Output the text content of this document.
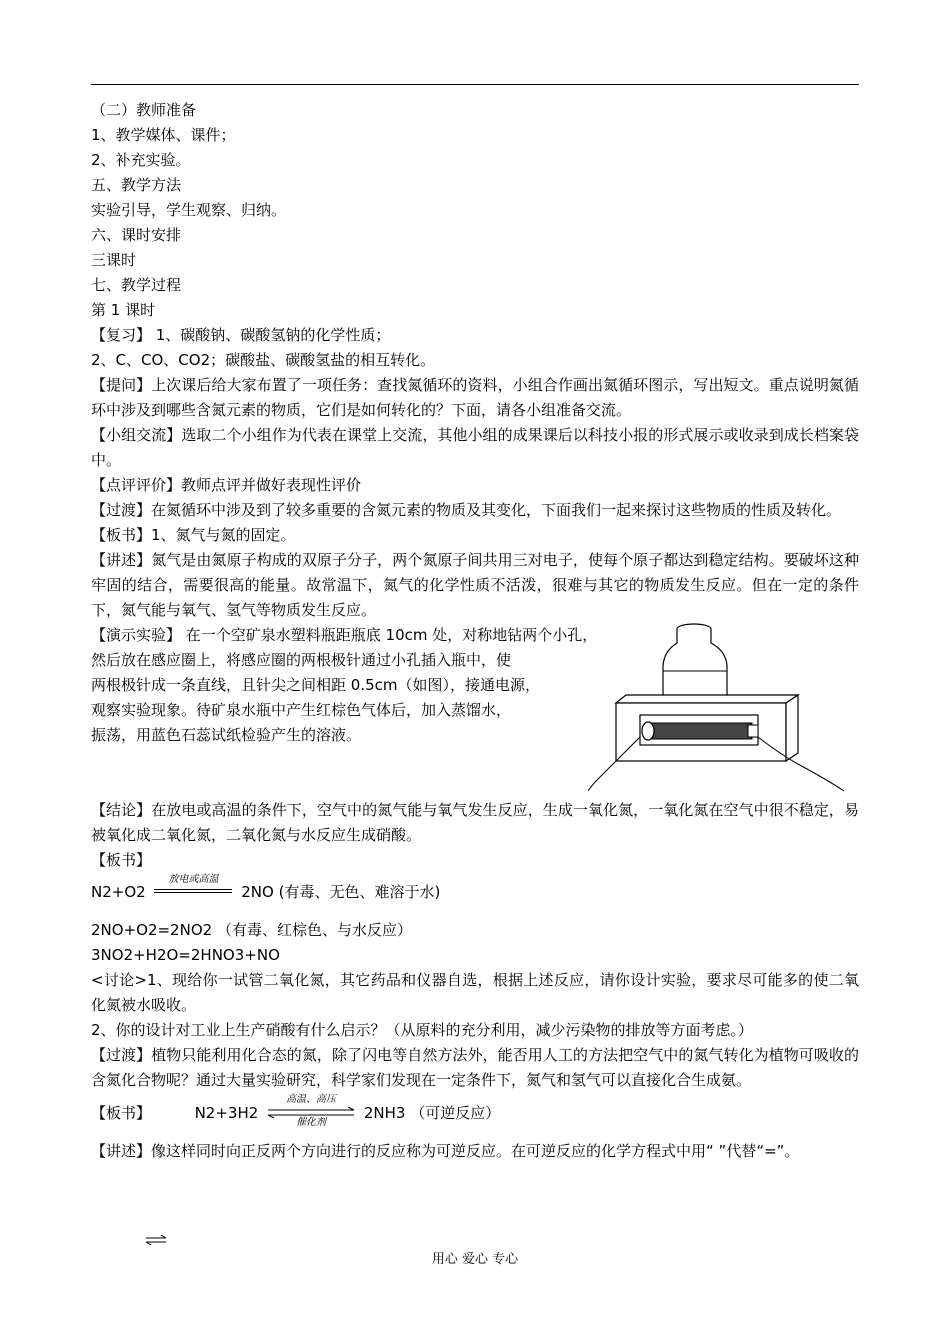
（二）教师准备
1、教学媒体、课件；
2、补充实验。
五、教学方法
实验引导，学生观察、归纳。
六、课时安排
三课时
七、教学过程
第 1 课时
【复习】 1、碳酸钠、碳酸氢钠的化学性质；
2、C、CO、CO2；碳酸盐、碳酸氢盐的相互转化。
【提问】上次课后给大家布置了一项任务：查找氮循环的资料，小组合作画出氮循环图示，写出短文。重点说明氮循环中涉及到哪些含氮元素的物质，它们是如何转化的？下面，请各小组准备交流。
【小组交流】选取二个小组作为代表在课堂上交流，其他小组的成果课后以科技小报的形式展示或收录到成长档案袋中。
【点评评价】教师点评并做好表现性评价
【过渡】在氮循环中涉及到了较多重要的含氮元素的物质及其变化，下面我们一起来探讨这些物质的性质及转化。
【板书】1、氮气与氮的固定。
【讲述】氮气是由氮原子构成的双原子分子，两个氮原子间共用三对电子，使每个原子都达到稳定结构。要破坏这种牢固的结合，需要很高的能量。故常温下，氮气的化学性质不活泼，很难与其它的物质发生反应。但在一定的条件下，氮气能与氧气、氢气等物质发生反应。
【演示实验】 在一个空矿泉水塑料瓶距瓶底 10cm 处，对称地钻两个小孔，
然后放在感应圈上，将感应圈的两根极针通过小孔插入瓶中，使
两根极针成一条直线，且针尖之间相距 0.5cm（如图），接通电源，
观察实验现象。待矿泉水瓶中产生红棕色气体后，加入蒸馏水，
振荡，用蓝色石蕊试纸检验产生的溶液。
【结论】在放电或高温的条件下，空气中的氮气能与氧气发生反应，生成一氧化氮，一氧化氮在空气中很不稳定，易被氧化成二氧化氮，二氧化氮与水反应生成硝酸。
【板书】
N2+O2
放电或高温
2NO (有毒、无色、难溶于水)
2NO+O2=2NO2 （有毒、红棕色、与水反应）
3NO2+H2O=2HNO3+NO
<讨论>1、现给你一试管二氧化氮，其它药品和仪器自选，根据上述反应，请你设计实验，要求尽可能多的使二氧化氮被水吸收。
2、你的设计对工业上生产硝酸有什么启示？（从原料的充分利用，减少污染物的排放等方面考虑。）
【过渡】植物只能利用化合态的氮，除了闪电等自然方法外，能否用人工的方法把空气中的氮气转化为植物可吸收的含氮化合物呢？通过大量实验研究，科学家们发现在一定条件下，氮气和氢气可以直接化合生成氨。
【板书】	N2+3H2
高温、高压
催化剂	2NH3 （可逆反应）
【讲述】像这样同时向正反两个方向进行的反应称为可逆反应。在可逆反应的化学方程式中用“ ”代替“=”。
用心 爱心 专心
